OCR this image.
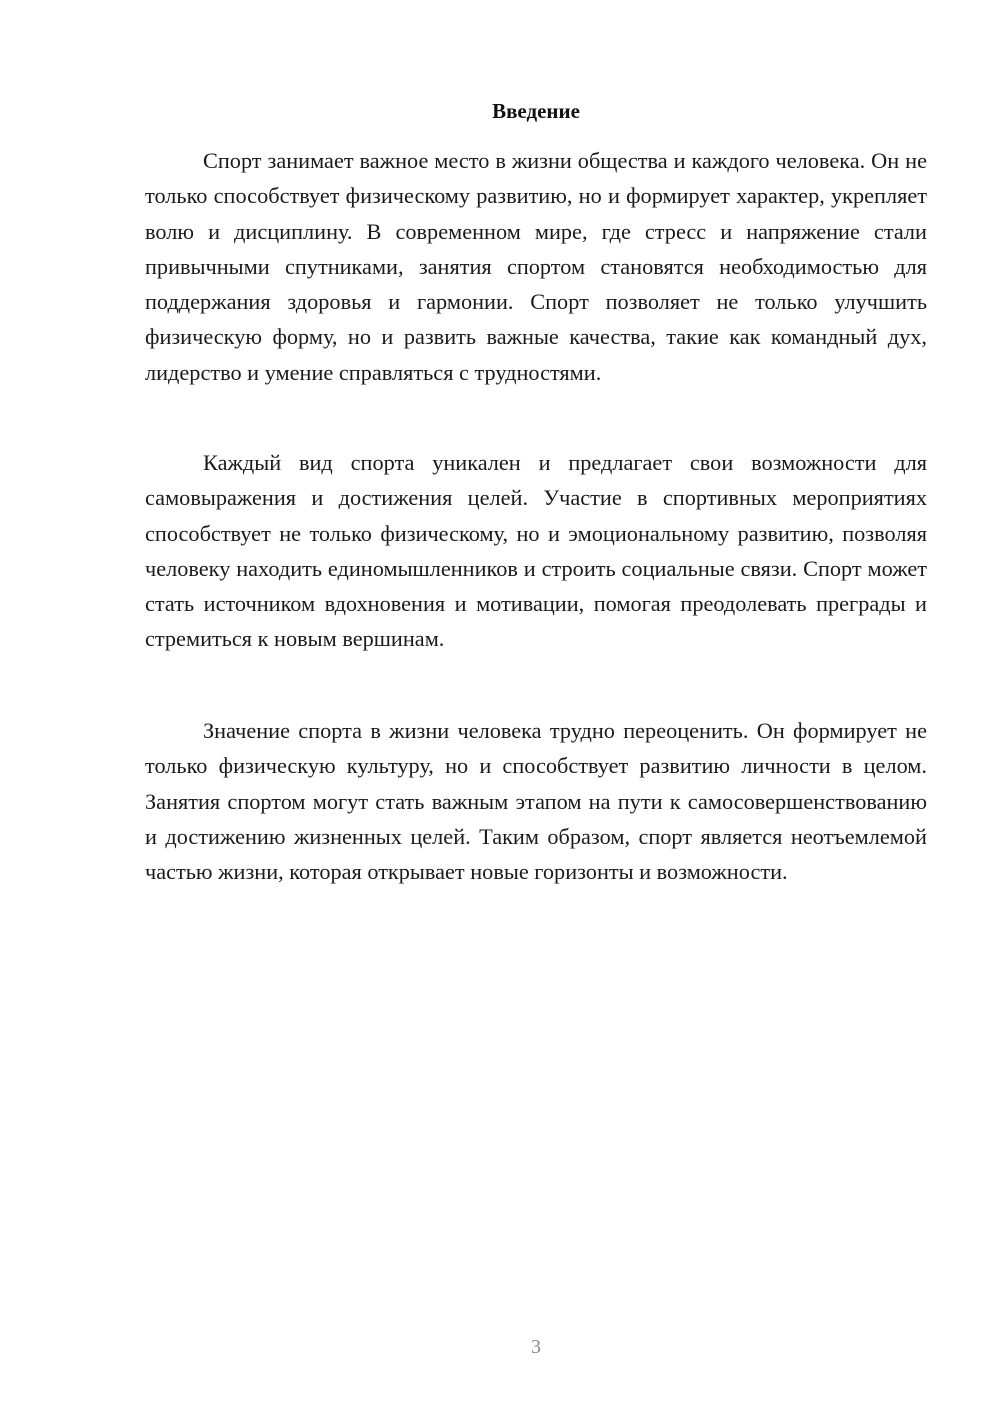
Введение

Спорт занимает важное место в жизни общества и каждого человека. Он не только способствует физическому развитию, но и формирует характер, укрепляет волю и дисциплину. В современном мире, где стресс и напряжение стали привычными спутниками, занятия спортом становятся необходимостью для поддержания здоровья и гармонии. Спорт позволяет не только улучшить физическую форму, но и развить важные качества, такие как командный дух, лидерство и умение справляться с трудностями.

Каждый вид спорта уникален и предлагает свои возможности для самовыражения и достижения целей. Участие в спортивных мероприятиях способствует не только физическому, но и эмоциональному развитию, позволяя человеку находить единомышленников и строить социальные связи. Спорт может стать источником вдохновения и мотивации, помогая преодолевать преграды и стремиться к новым вершинам.

Значение спорта в жизни человека трудно переоценить. Он формирует не только физическую культуру, но и способствует развитию личности в целом. Занятия спортом могут стать важным этапом на пути к самосовершенствованию и достижению жизненных целей. Таким образом, спорт является неотъемлемой частью жизни, которая открывает новые горизонты и возможности.

3
